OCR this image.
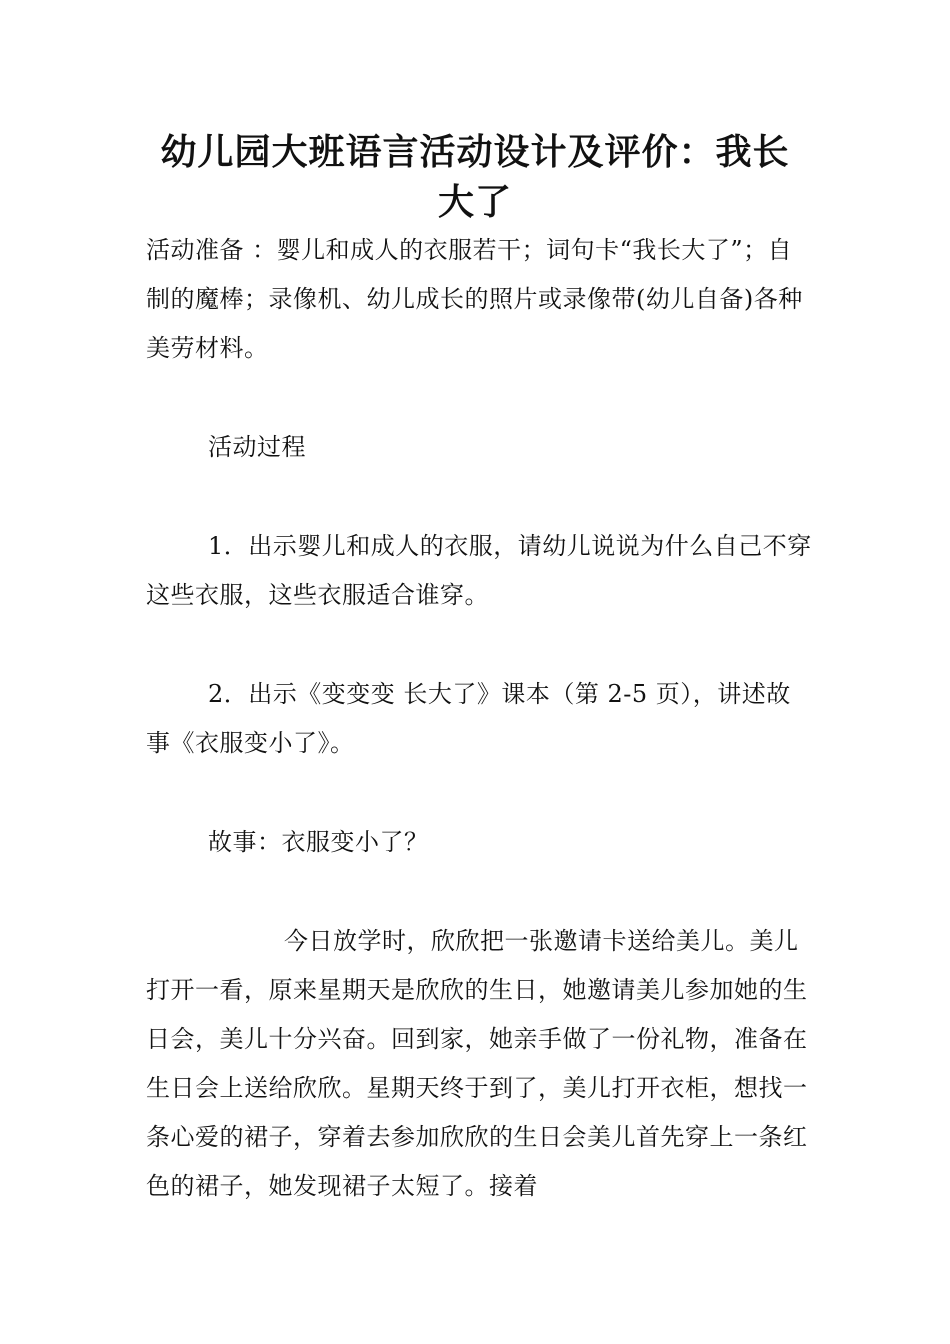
幼儿园大班语言活动设计及评价：我长
大了

活动准备 ：婴儿和成人的衣服若干；词句卡“我长大了”；自制的魔棒；录像机、幼儿成长的照片或录像带(幼儿自备)各种美劳材料。

活动过程

1．出示婴儿和成人的衣服，请幼儿说说为什么自己不穿这些衣服，这些衣服适合谁穿。

2．出示《变变变 长大了》课本（第 2-5 页），讲述故事《衣服变小了》。

故事：衣服变小了？

今日放学时，欣欣把一张邀请卡送给美儿。美儿打开一看，原来星期天是欣欣的生日，她邀请美儿参加她的生日会，美儿十分兴奋。回到家，她亲手做了一份礼物，准备在生日会上送给欣欣。星期天终于到了，美儿打开衣柜，想找一条心爱的裙子，穿着去参加欣欣的生日会美儿首先穿上一条红色的裙子，她发现裙子太短了。接着
